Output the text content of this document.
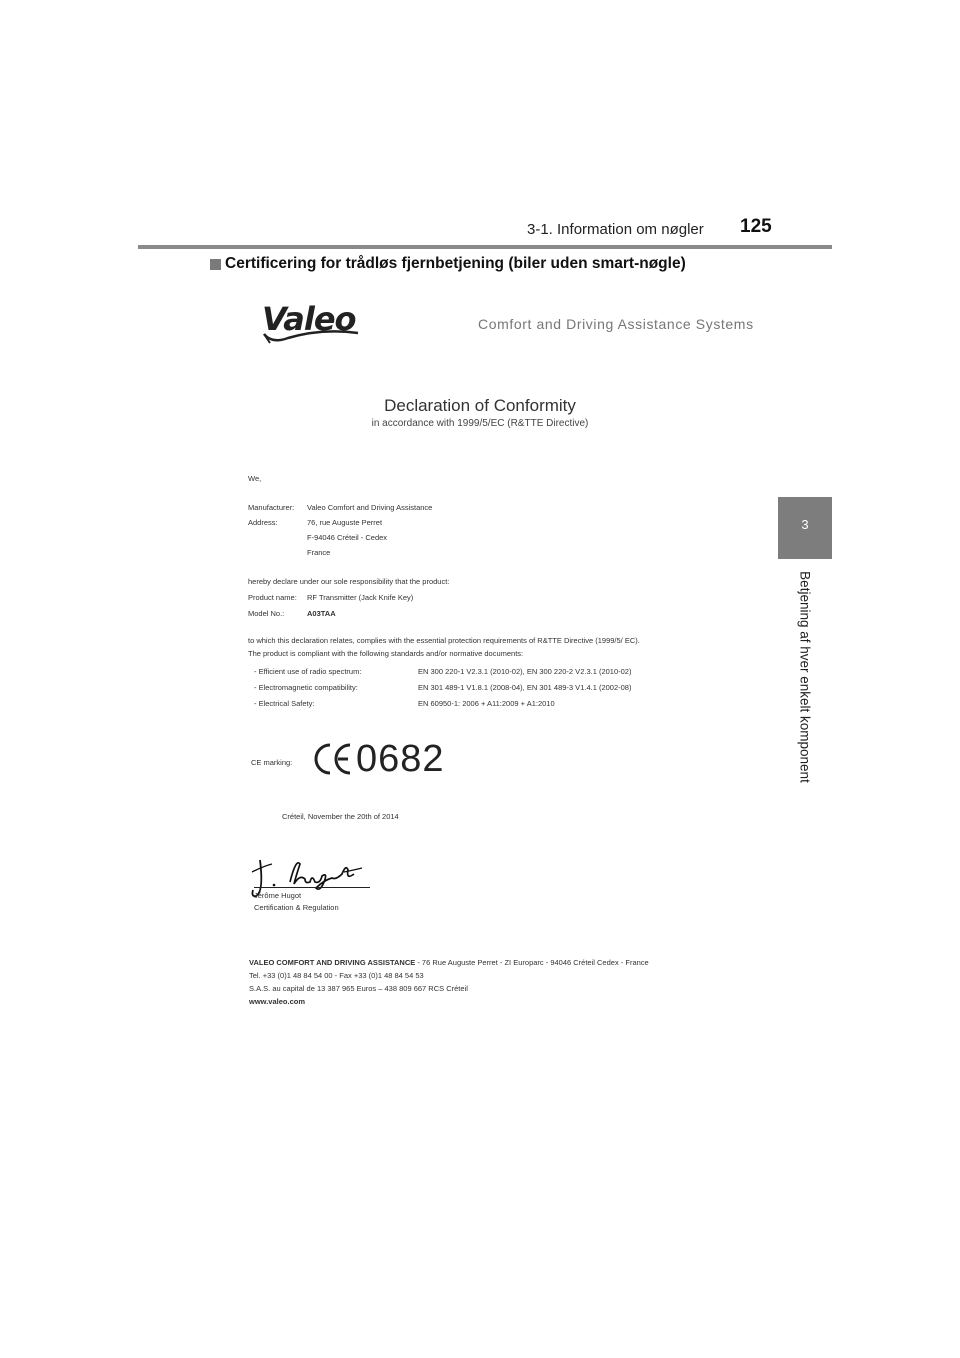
3-1. Information om nøgler 125
3
Betjening af hver enkelt komponent
Certificering for trådløs fjernbetjening (biler uden smart-nøgle)
Valeo	Comfort and Driving Assistance Systems
Declaration of Conformity
in accordance with 1999/5/EC (R&TTE Directive)
We,
Manufacturer: Valeo Comfort and Driving Assistance
Address:	76, rue Auguste Perret
F-94046 Créteil - Cedex
France
hereby declare under our sole responsibility that the product:
Product name: RF Transmitter (Jack Knife Key)
Model No.:	A03TAA
to which this declaration relates, complies with the essential protection requirements of R&TTE Directive (1999/5/ EC).
The product is compliant with the following standards and/or normative documents:
- Efficient use of radio spectrum:	EN 300 220-1 V2.3.1 (2010-02), EN 300 220-2 V2.3.1 (2010-02)
- Electromagnetic compatibility:	EN 301 489-1 V1.8.1 (2008-04), EN 301 489-3 V1.4.1 (2002-08)
- Electrical Safety:	EN 60950-1: 2006 + A11:2009 + A1:2010
CE marking: 0682
Créteil, November the 20th of 2014
Jérôme Hugot
Certification & Regulation
VALEO COMFORT AND DRIVING ASSISTANCE - 76 Rue Auguste Perret - ZI Europarc - 94046 Créteil Cedex - France
Tel. +33 (0)1 48 84 54 00 - Fax +33 (0)1 48 84 54 53
S.A.S. au capital de 13 387 965 Euros – 438 809 667 RCS Créteil
www.valeo.com
